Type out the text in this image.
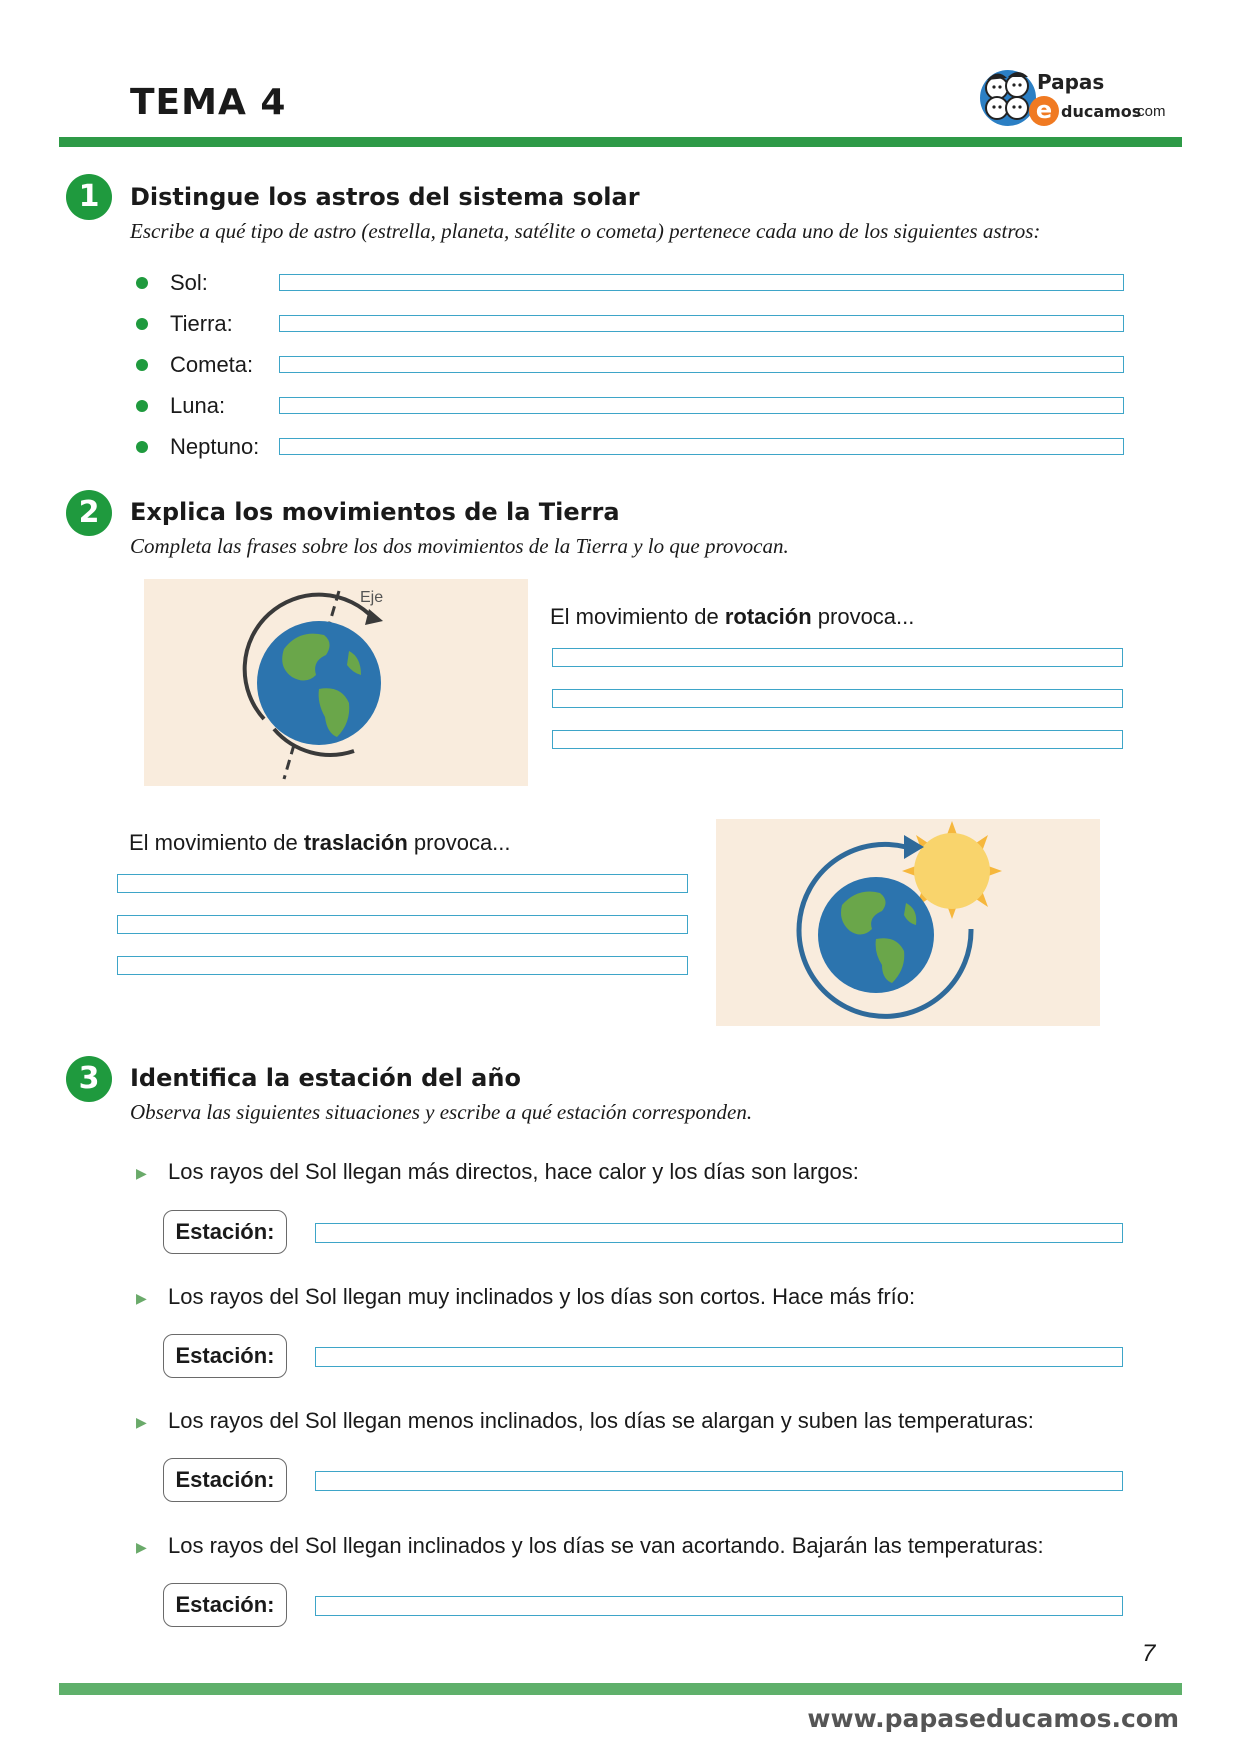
TEMA 4	Papas
e ducamos
.com
1	Distingue los astros del sistema solar
Escribe a qué tipo de astro (estrella, planeta, satélite o cometa) pertenece cada uno de los siguientes astros:
Sol:
Tierra:
Cometa:
Luna:
Neptuno:
2	Explica los movimientos de la Tierra
Completa las frases sobre los dos movimientos de la Tierra y lo que provocan.
Eje
El movimiento de rotación provoca...
El movimiento de traslación provoca...
3	Identifica la estación del año
Observa las siguientes situaciones y escribe a qué estación corresponden.
▶ Los rayos del Sol llegan más directos, hace calor y los días son largos:
Estación:
▶ Los rayos del Sol llegan muy inclinados y los días son cortos. Hace más frío:
Estación:
▶ Los rayos del Sol llegan menos inclinados, los días se alargan y suben las temperaturas:
Estación:
▶ Los rayos del Sol llegan inclinados y los días se van acortando. Bajarán las temperaturas:
Estación:
7
www.papaseducamos.com
